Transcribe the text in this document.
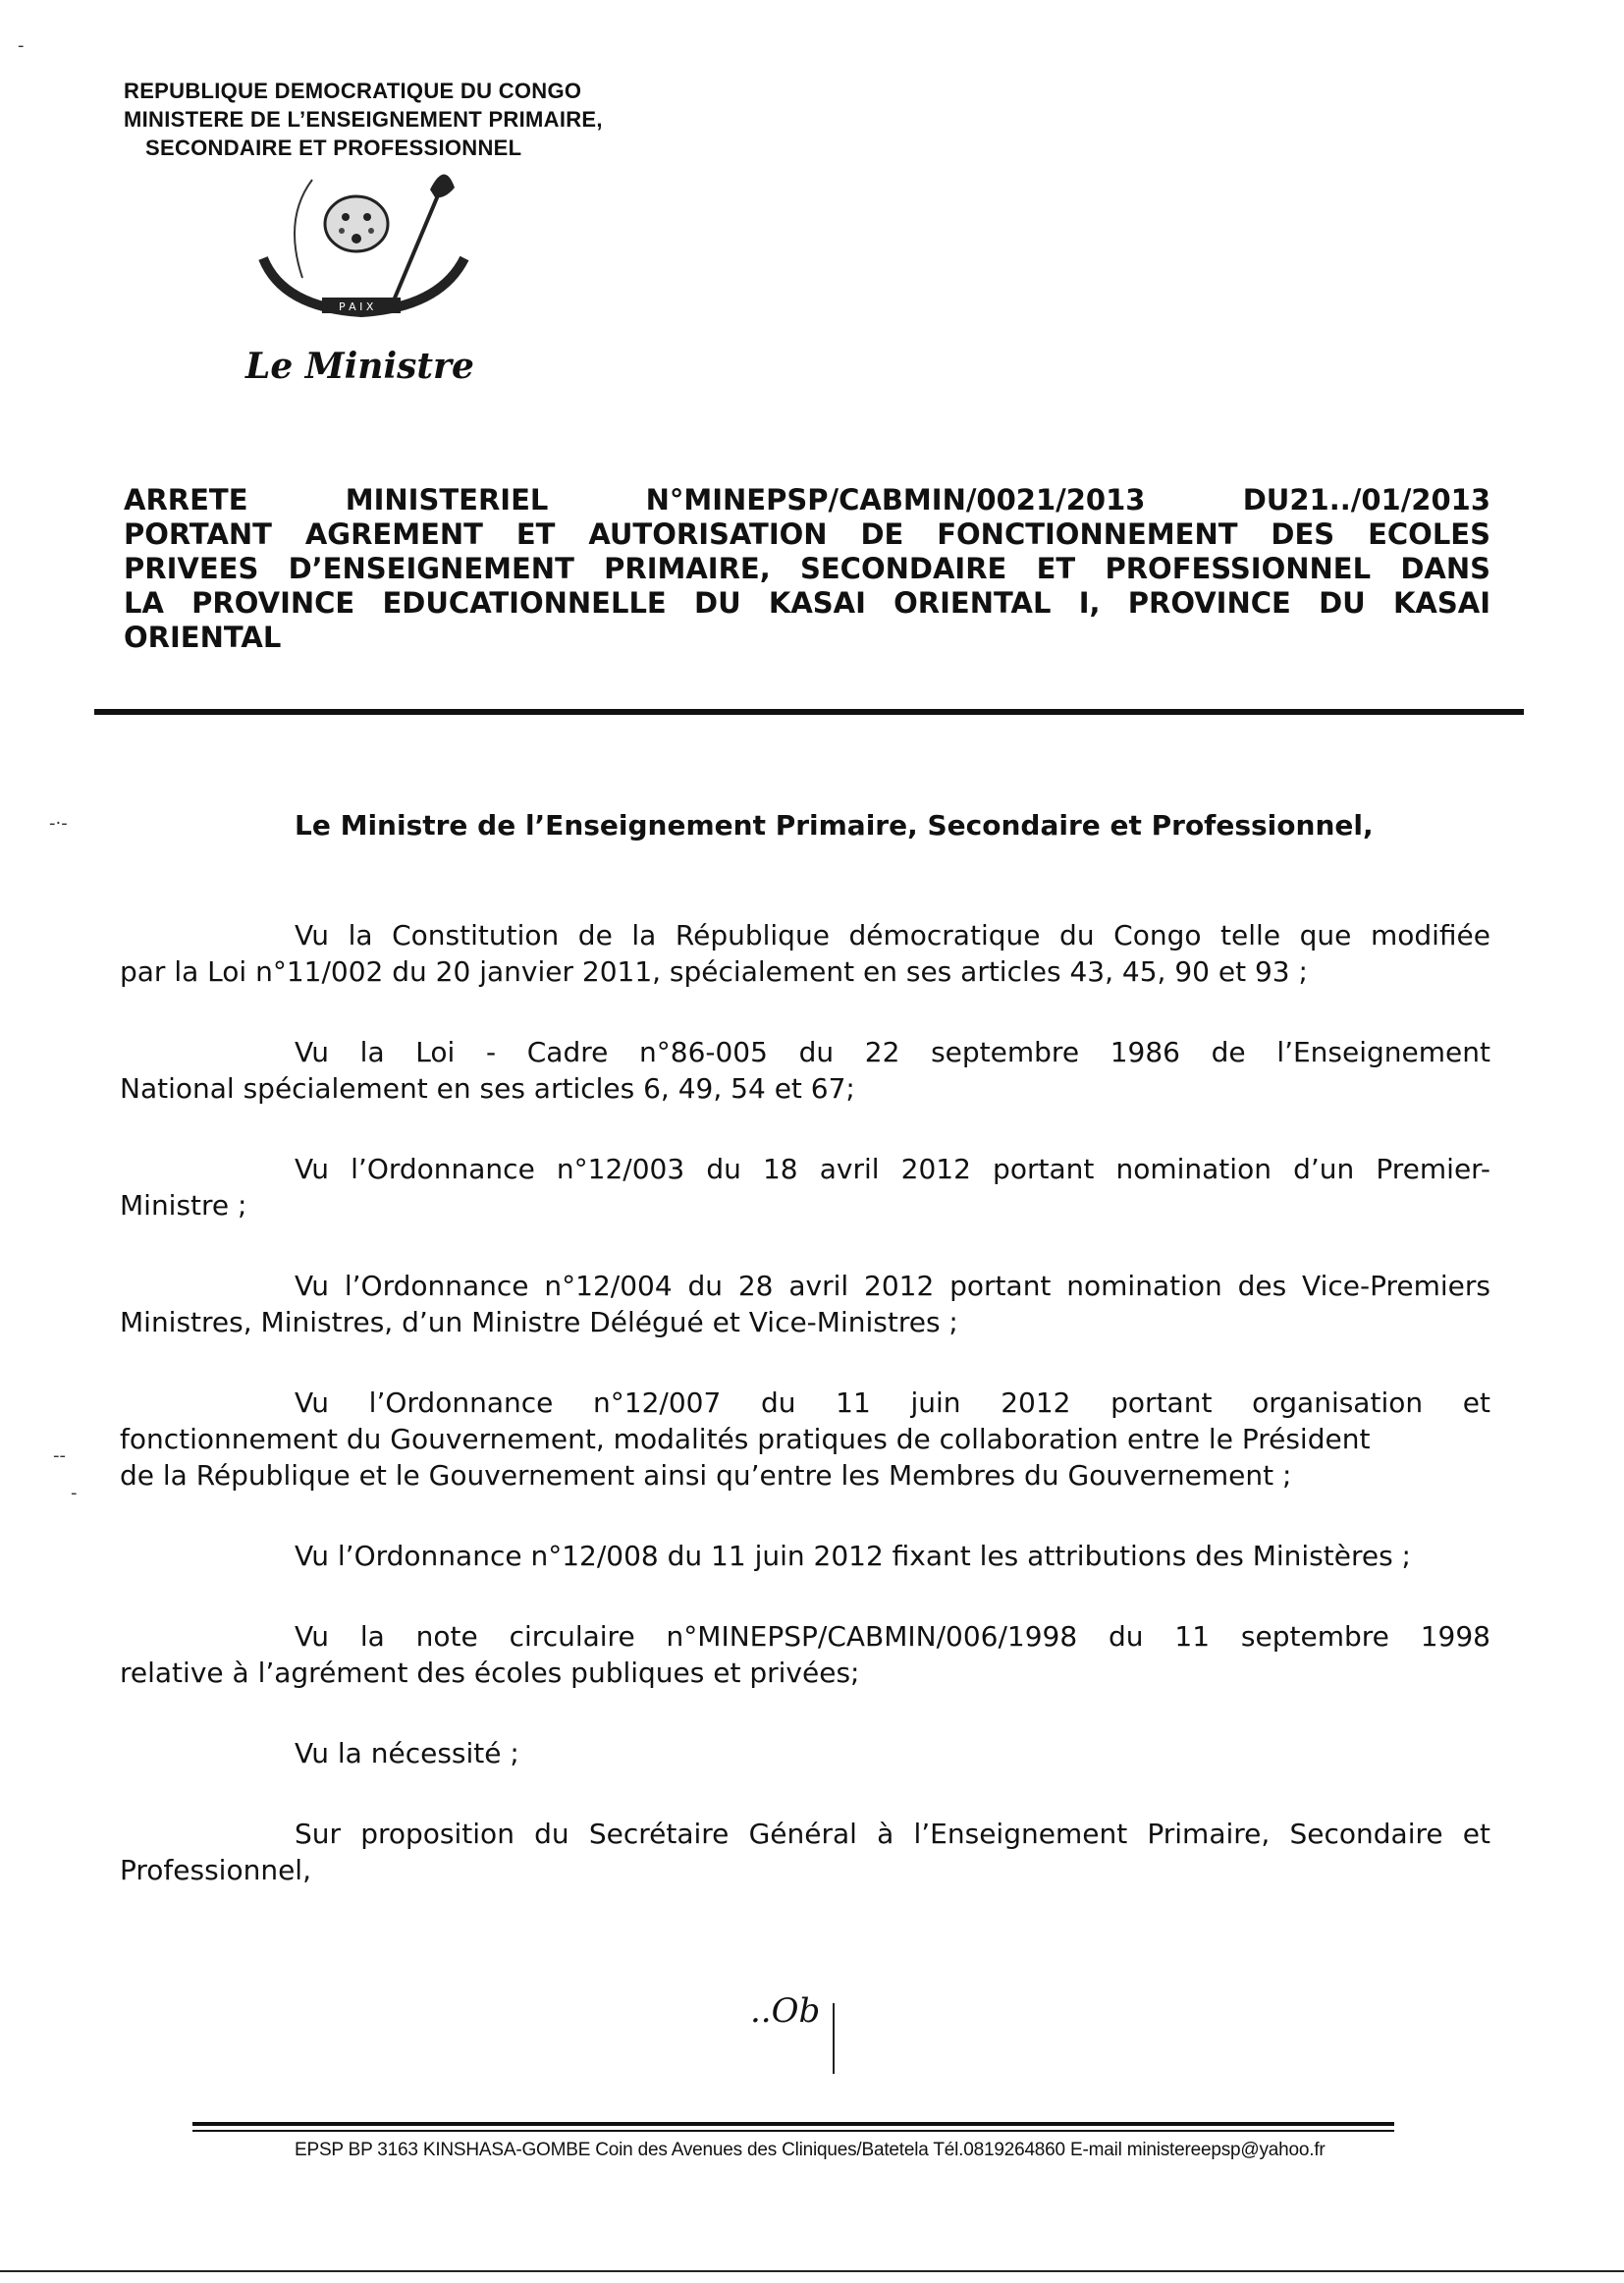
REPUBLIQUE DEMOCRATIQUE DU CONGO
MINISTERE DE L’ENSEIGNEMENT PRIMAIRE,
SECONDAIRE ET PROFESSIONNEL
P A I X
Le Ministre
ARRETE MINISTERIEL N°MINEPSP/CABMIN/0021/2013	DU21../01/2013
PORTANT AGREMENT ET AUTORISATION DE FONCTIONNEMENT DES ECOLES
PRIVEES D’ENSEIGNEMENT PRIMAIRE, SECONDAIRE ET PROFESSIONNEL DANS
LA PROVINCE EDUCATIONNELLE DU KASAI ORIENTAL I, PROVINCE DU KASAI
ORIENTAL
-·-
--
-
-
Le Ministre de l’Enseignement Primaire, Secondaire et Professionnel,
Vu la Constitution de la République démocratique du Congo telle que modifiée
par la Loi n°11/002 du 20 janvier 2011, spécialement en ses articles 43, 45, 90 et 93 ;
Vu la Loi - Cadre n°86-005 du 22 septembre 1986 de l’Enseignement
National spécialement en ses articles 6, 49, 54 et 67;
Vu l’Ordonnance n°12/003 du 18 avril 2012 portant nomination d’un Premier-
Ministre ;
Vu l’Ordonnance n°12/004 du 28 avril 2012 portant nomination des Vice-Premiers
Ministres, Ministres, d’un Ministre Délégué et Vice-Ministres ;
Vu l’Ordonnance n°12/007 du 11 juin 2012 portant organisation et
fonctionnement du Gouvernement, modalités pratiques de collaboration entre le Président
de la République et le Gouvernement ainsi qu’entre les Membres du Gouvernement ;
Vu l’Ordonnance n°12/008 du 11 juin 2012 fixant les attributions des Ministères ;
Vu la note circulaire n°MINEPSP/CABMIN/006/1998 du 11 septembre 1998
relative à l’agrément des écoles publiques et privées;
Vu la nécessité ;
Sur proposition du Secrétaire Général à l’Enseignement Primaire, Secondaire et
Professionnel,
..Ob
EPSP BP 3163 KINSHASA-GOMBE Coin des Avenues des Cliniques/Batetela Tél.0819264860 E-mail ministereepsp@yahoo.fr
